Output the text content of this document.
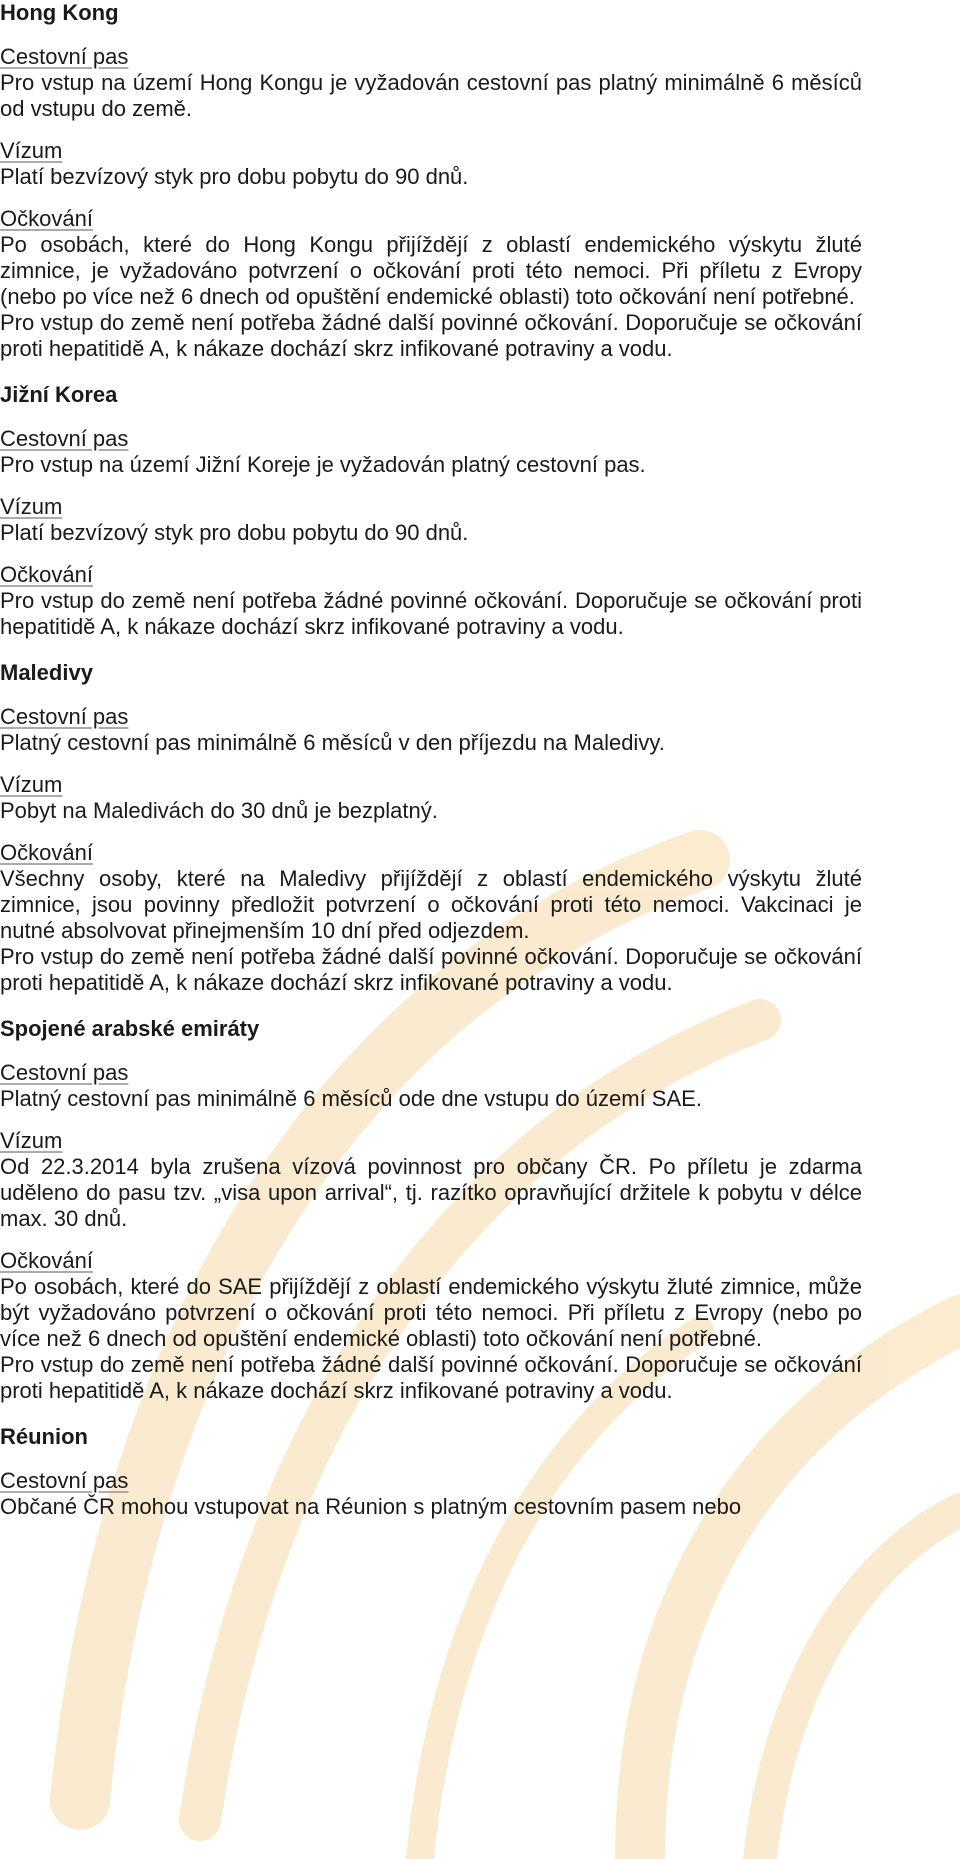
Hong Kong
Cestovní pas

Pro vstup na území Hong Kongu je vyžadován cestovní pas platný minimálně 6 měsíců od vstupu do země.

Vízum

Platí bezvízový styk pro dobu pobytu do 90 dnů.

Očkování

Po osobách, které do Hong Kongu přijíždějí z oblastí endemického výskytu žluté zimnice, je vyžadováno potvrzení o očkování proti této nemoci. Při příletu z Evropy (nebo po více než 6 dnech od opuštění endemické oblasti) toto očkování není potřebné.

Pro vstup do země není potřeba žádné další povinné očkování. Doporučuje se očkování proti hepatitidě A, k nákaze dochází skrz infikované potraviny a vodu.

Jižní Korea
Cestovní pas

Pro vstup na území Jižní Koreje je vyžadován platný cestovní pas.

Vízum

Platí bezvízový styk pro dobu pobytu do 90 dnů.

Očkování

Pro vstup do země není potřeba žádné povinné očkování. Doporučuje se očkování proti hepatitidě A, k nákaze dochází skrz infikované potraviny a vodu.

Maledivy
Cestovní pas

Platný cestovní pas minimálně 6 měsíců v den příjezdu na Maledivy.

Vízum

Pobyt na Maledivách do 30 dnů je bezplatný.

Očkování

Všechny osoby, které na Maledivy přijíždějí z oblastí endemického výskytu žluté zimnice, jsou povinny předložit potvrzení o očkování proti této nemoci. Vakcinaci je nutné absolvovat přinejmenším 10 dní před odjezdem.

Pro vstup do země není potřeba žádné další povinné očkování. Doporučuje se očkování proti hepatitidě A, k nákaze dochází skrz infikované potraviny a vodu.

Spojené arabské emiráty
Cestovní pas

Platný cestovní pas minimálně 6 měsíců ode dne vstupu do území SAE.

Vízum

Od 22.3.2014 byla zrušena vízová povinnost pro občany ČR. Po příletu je zdarma uděleno do pasu tzv. „visa upon arrival“, tj. razítko opravňující držitele k pobytu v délce max. 30 dnů.

Očkování

Po osobách, které do SAE přijíždějí z oblastí endemického výskytu žluté zimnice, může být vyžadováno potvrzení o očkování proti této nemoci. Při příletu z Evropy (nebo po více než 6 dnech od opuštění endemické oblasti) toto očkování není potřebné.

Pro vstup do země není potřeba žádné další povinné očkování. Doporučuje se očkování proti hepatitidě A, k nákaze dochází skrz infikované potraviny a vodu.

Réunion
Cestovní pas

Občané ČR mohou vstupovat na Réunion s platným cestovním pasem nebo
